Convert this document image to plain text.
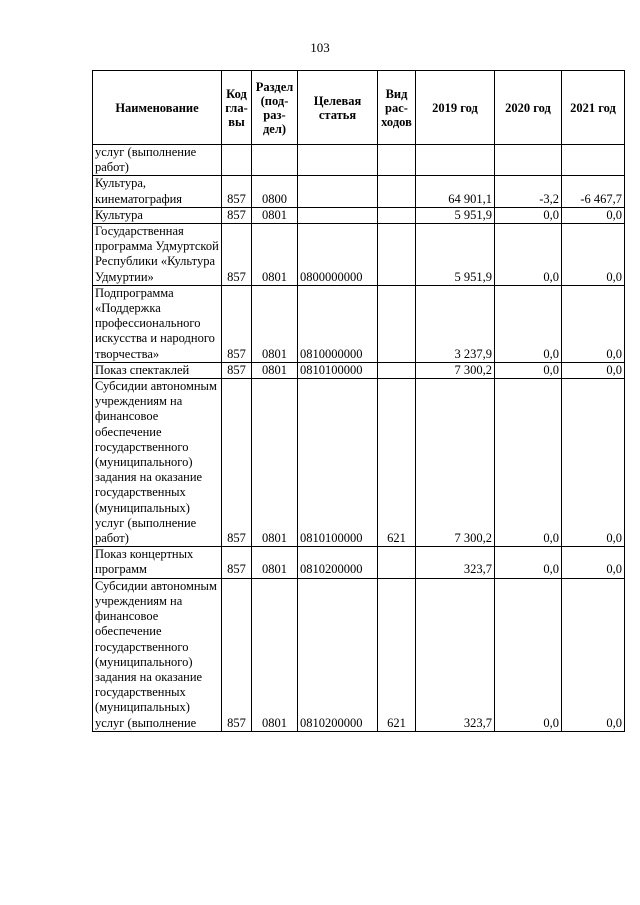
103
Наименование	Код гла-вы	Раздел (под-раз-дел)	Целевая статья	Вид рас-ходов	2019 год	2020 год	2021 год
услуг (выполнение работ)							
Культура, кинематография	857	0800			64 901,1	-3,2	-6 467,7
Культура	857	0801			5 951,9	0,0	0,0
Государственная программа Удмуртской Республики «Культура Удмуртии»	857	0801	0800000000		5 951,9	0,0	0,0
Подпрограмма «Поддержка профессионального искусства и народного творчества»	857	0801	0810000000		3 237,9	0,0	0,0
Показ спектаклей	857	0801	0810100000		7 300,2	0,0	0,0
Субсидии автономным учреждениям на финансовое обеспечение государственного (муниципального) задания на оказание государственных (муниципальных) услуг (выполнение работ)	857	0801	0810100000	621	7 300,2	0,0	0,0
Показ концертных программ	857	0801	0810200000		323,7	0,0	0,0
Субсидии автономным учреждениям на финансовое обеспечение государственного (муниципального) задания на оказание государственных (муниципальных) услуг (выполнение	857	0801	0810200000	621	323,7	0,0	0,0
